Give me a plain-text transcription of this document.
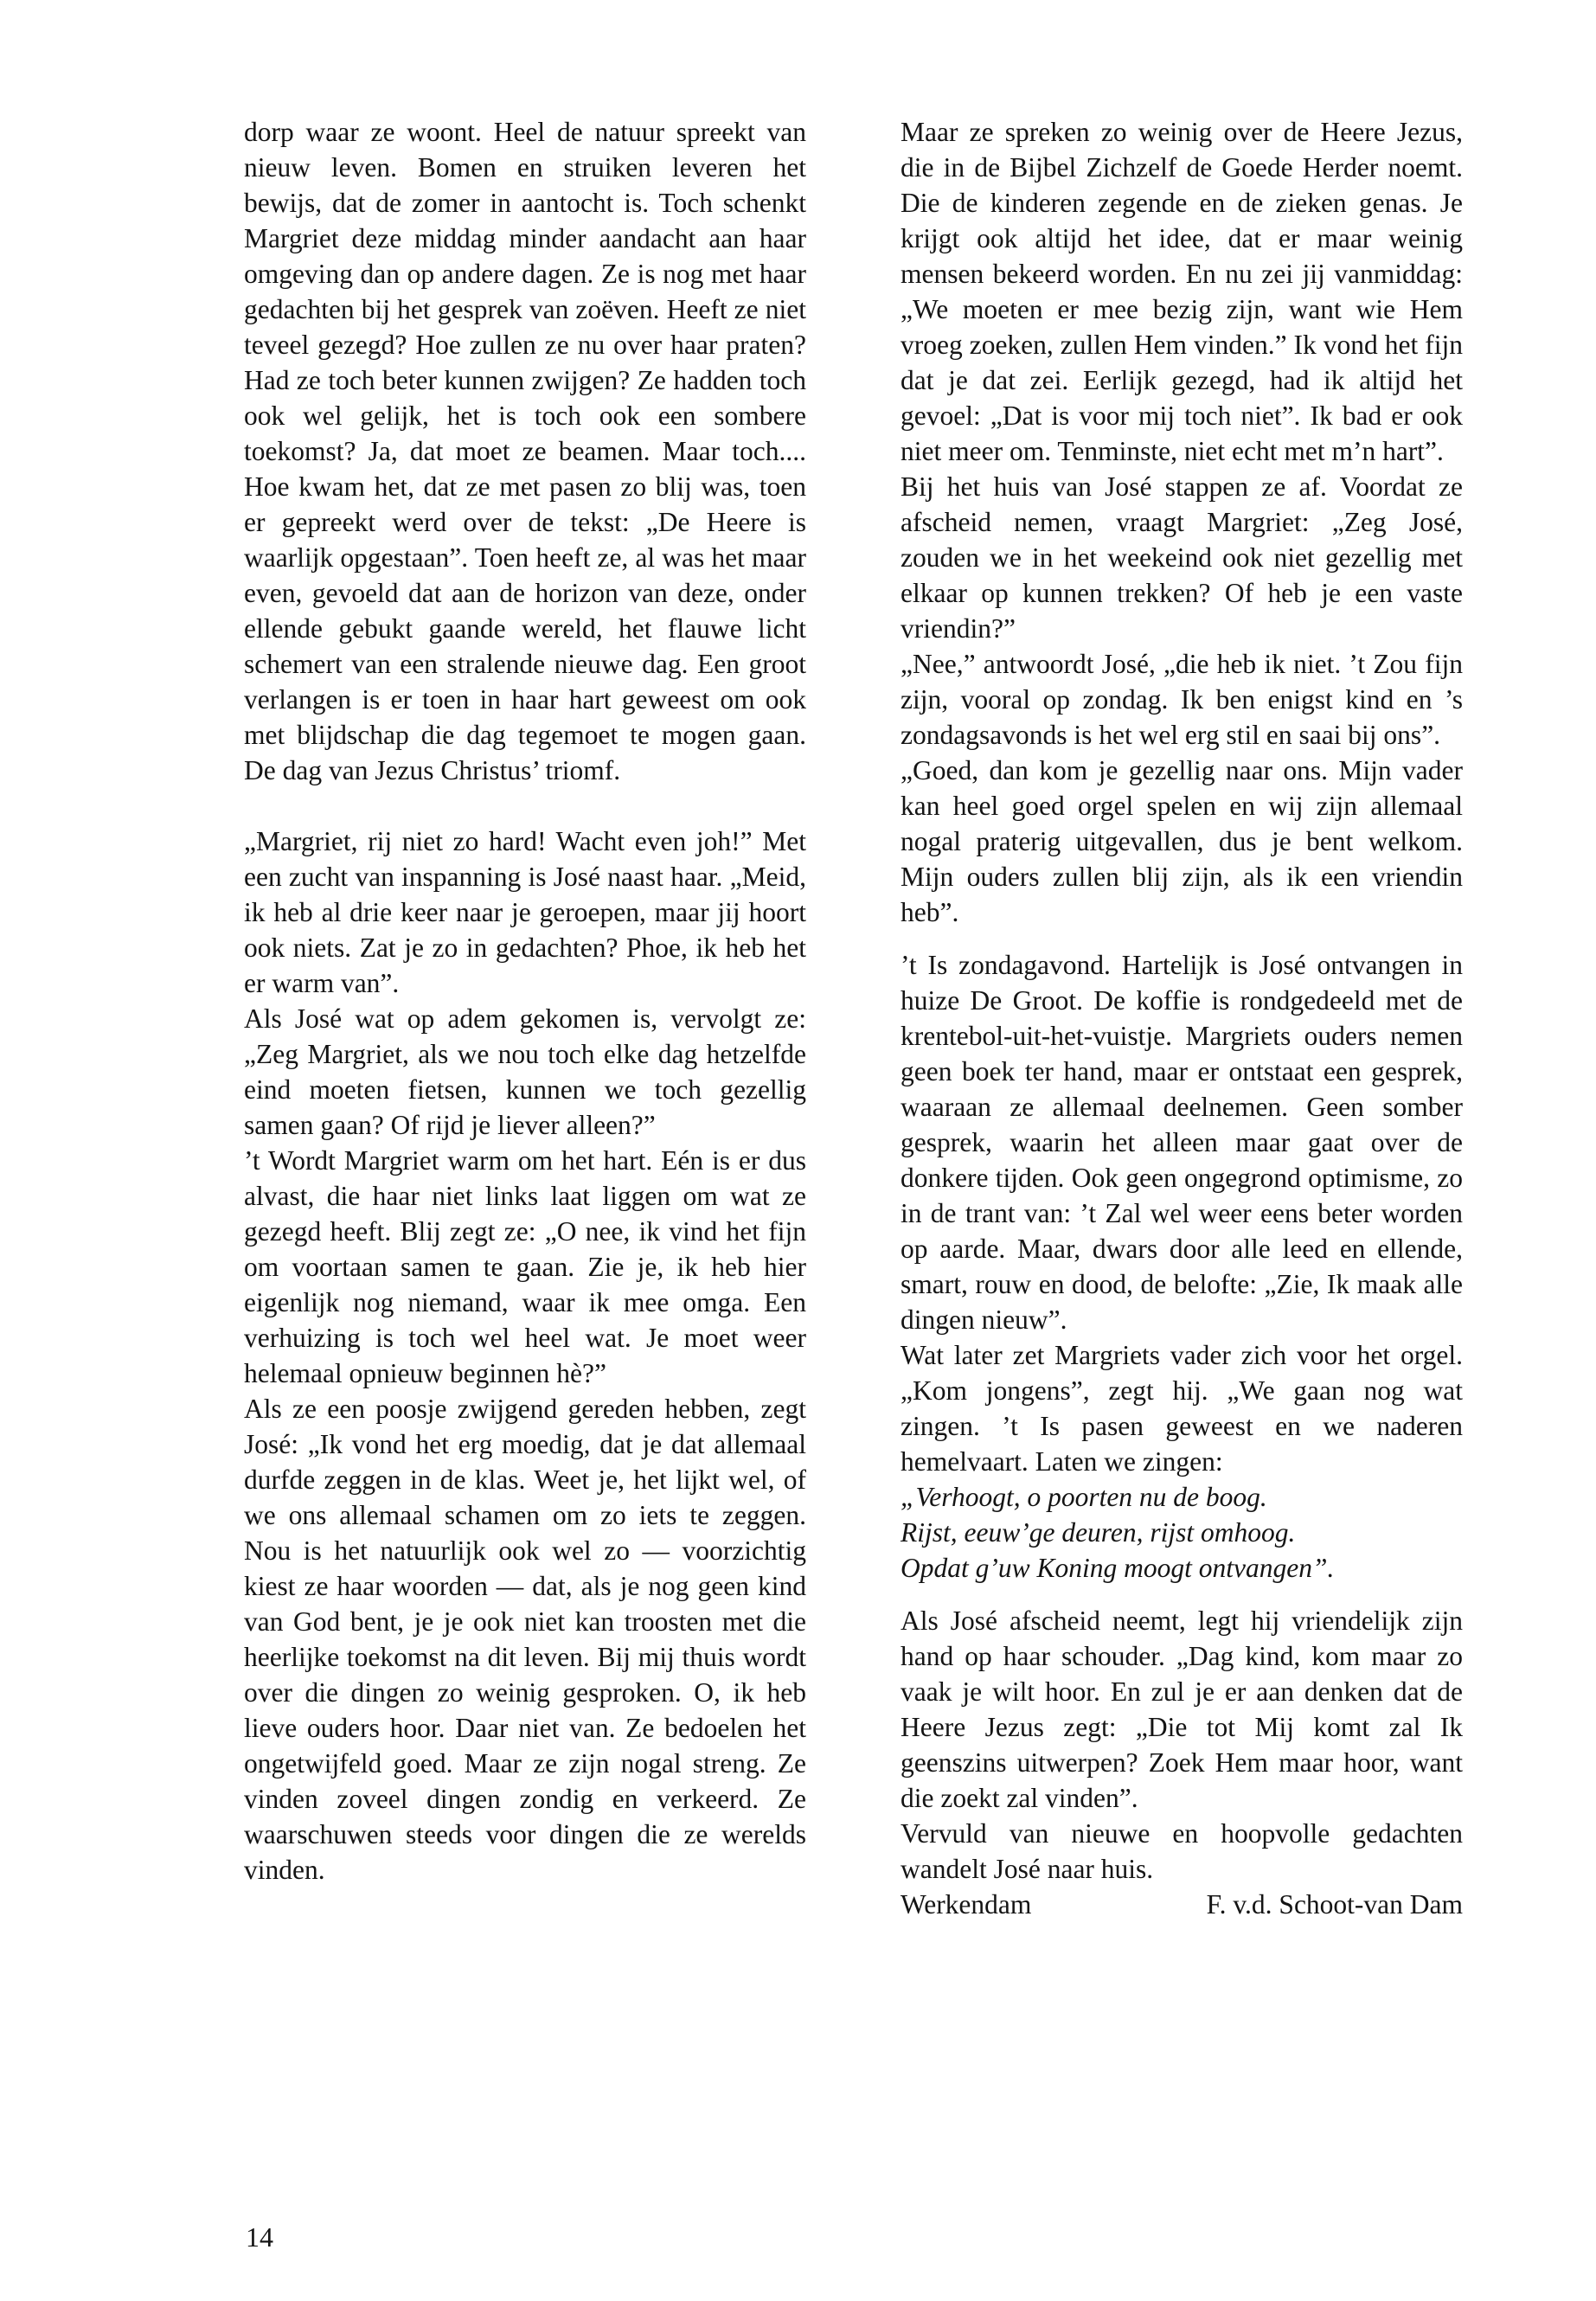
dorp waar ze woont. Heel de natuur spreekt van nieuw leven. Bomen en struiken leveren het bewijs, dat de zomer in aantocht is. Toch schenkt Margriet deze middag minder aandacht aan haar omgeving dan op andere dagen. Ze is nog met haar gedachten bij het gesprek van zoëven. Heeft ze niet teveel gezegd? Hoe zullen ze nu over haar praten? Had ze toch beter kunnen zwijgen? Ze hadden toch ook wel gelijk, het is toch ook een sombere toekomst? Ja, dat moet ze beamen. Maar toch.... Hoe kwam het, dat ze met pasen zo blij was, toen er gepreekt werd over de tekst: „De Heere is waarlijk opgestaan”. Toen heeft ze, al was het maar even, gevoeld dat aan de horizon van deze, onder ellende gebukt gaande wereld, het flauwe licht schemert van een stralende nieuwe dag. Een groot verlangen is er toen in haar hart geweest om ook met blijdschap die dag tegemoet te mogen gaan. De dag van Jezus Christus’ triomf.

„Margriet, rij niet zo hard! Wacht even joh!” Met een zucht van inspanning is José naast haar. „Meid, ik heb al drie keer naar je geroepen, maar jij hoort ook niets. Zat je zo in gedachten? Phoe, ik heb het er warm van”.

Als José wat op adem gekomen is, vervolgt ze: „Zeg Margriet, als we nou toch elke dag hetzelfde eind moeten fietsen, kunnen we toch gezellig samen gaan? Of rijd je liever alleen?”

’t Wordt Margriet warm om het hart. Eén is er dus alvast, die haar niet links laat liggen om wat ze gezegd heeft. Blij zegt ze: „O nee, ik vind het fijn om voortaan samen te gaan. Zie je, ik heb hier eigenlijk nog niemand, waar ik mee omga. Een verhuizing is toch wel heel wat. Je moet weer helemaal opnieuw beginnen hè?”

Als ze een poosje zwijgend gereden hebben, zegt José: „Ik vond het erg moedig, dat je dat allemaal durfde zeggen in de klas. Weet je, het lijkt wel, of we ons allemaal schamen om zo iets te zeggen. Nou is het natuurlijk ook wel zo — voorzichtig kiest ze haar woorden — dat, als je nog geen kind van God bent, je je ook niet kan troosten met die heerlijke toekomst na dit leven. Bij mij thuis wordt over die dingen zo weinig gesproken. O, ik heb lieve ouders hoor. Daar niet van. Ze bedoelen het ongetwijfeld goed. Maar ze zijn nogal streng. Ze vinden zoveel dingen zondig en verkeerd. Ze waarschuwen steeds voor dingen die ze werelds vinden.

Maar ze spreken zo weinig over de Heere Jezus, die in de Bijbel Zichzelf de Goede Herder noemt. Die de kinderen zegende en de zieken genas. Je krijgt ook altijd het idee, dat er maar weinig mensen bekeerd worden. En nu zei jij vanmiddag: „We moeten er mee bezig zijn, want wie Hem vroeg zoeken, zullen Hem vinden.” Ik vond het fijn dat je dat zei. Eerlijk gezegd, had ik altijd het gevoel: „Dat is voor mij toch niet”. Ik bad er ook niet meer om. Tenminste, niet echt met m’n hart”.

Bij het huis van José stappen ze af. Voordat ze afscheid nemen, vraagt Margriet: „Zeg José, zouden we in het weekeind ook niet gezellig met elkaar op kunnen trekken? Of heb je een vaste vriendin?”

„Nee,” antwoordt José, „die heb ik niet. ’t Zou fijn zijn, vooral op zondag. Ik ben enigst kind en ’s zondagsavonds is het wel erg stil en saai bij ons”.

„Goed, dan kom je gezellig naar ons. Mijn vader kan heel goed orgel spelen en wij zijn allemaal nogal praterig uitgevallen, dus je bent welkom. Mijn ouders zullen blij zijn, als ik een vriendin heb”.

’t Is zondagavond. Hartelijk is José ontvangen in huize De Groot. De koffie is rondgedeeld met de krentebol-uit-het-vuistje. Margriets ouders nemen geen boek ter hand, maar er ontstaat een gesprek, waaraan ze allemaal deelnemen. Geen somber gesprek, waarin het alleen maar gaat over de donkere tijden. Ook geen ongegrond optimisme, zo in de trant van: ’t Zal wel weer eens beter worden op aarde. Maar, dwars door alle leed en ellende, smart, rouw en dood, de belofte: „Zie, Ik maak alle dingen nieuw”.

Wat later zet Margriets vader zich voor het orgel. „Kom jongens”, zegt hij. „We gaan nog wat zingen. ’t Is pasen geweest en we naderen hemelvaart. Laten we zingen:

„Verhoogt, o poorten nu de boog.

Rijst, eeuw’ge deuren, rijst omhoog.

Opdat g’uw Koning moogt ontvangen”.

Als José afscheid neemt, legt hij vriendelijk zijn hand op haar schouder. „Dag kind, kom maar zo vaak je wilt hoor. En zul je er aan denken dat de Heere Jezus zegt: „Die tot Mij komt zal Ik geenszins uitwerpen? Zoek Hem maar hoor, want die zoekt zal vinden”.

Vervuld van nieuwe en hoopvolle gedachten wandelt José naar huis.

Werkendam	F. v.d. Schoot-van Dam
14
